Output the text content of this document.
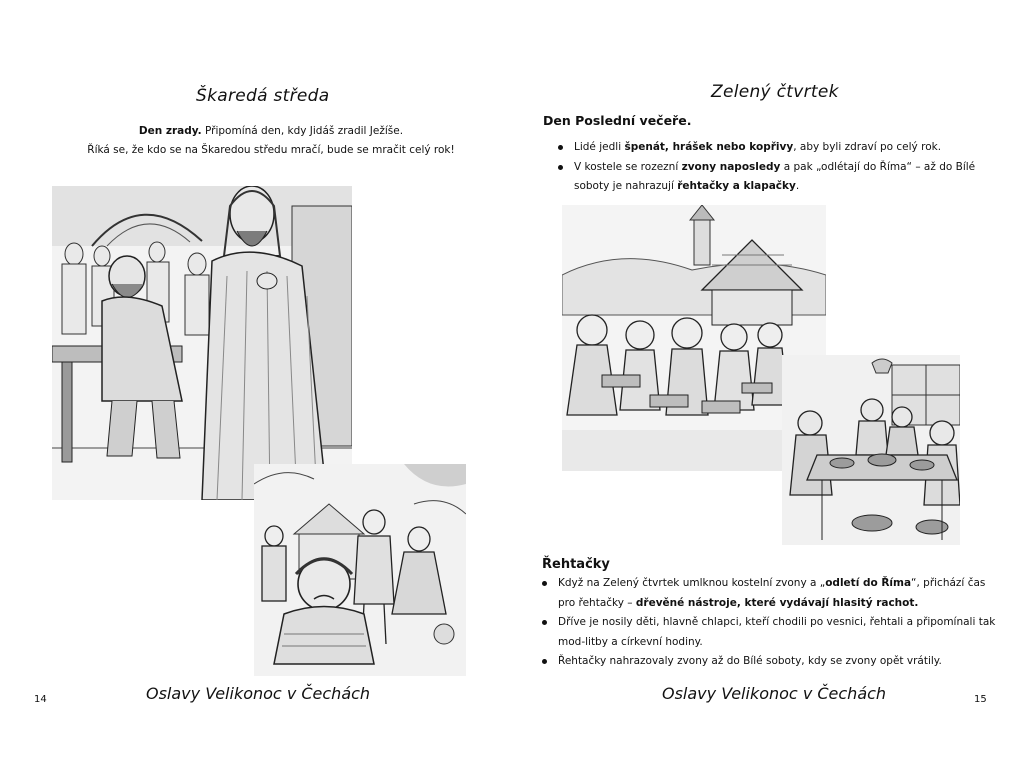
Škaredá středa
Den zrady. Připomíná den, kdy Jidáš zradil Ježíše.
Říká se, že kdo se na Škaredou středu mračí, bude se mračit celý rok!
Oslavy Velikonoc v Čechách
14
Zelený čtvrtek
Den Poslední večeře.
Lidé jedli špenát, hrášek nebo kopřivy, aby byli zdraví po celý rok.
V kostele se rozezní zvony naposledy a pak „odlétají do Říma“ – až do Bílé soboty je nahrazují řehtačky a klapačky.
Řehtačky
Když na Zelený čtvrtek umlknou kostelní zvony a „odletí do Říma“, přichází čas pro řehtačky – dřevěné nástroje, které vydávají hlasitý rachot.
Dříve je nosily děti, hlavně chlapci, kteří chodili po vesnici, řehtali a připomínali tak mod-litby a církevní hodiny.
Řehtačky nahrazovaly zvony až do Bílé soboty, kdy se zvony opět vrátily.
Oslavy Velikonoc v Čechách	15
